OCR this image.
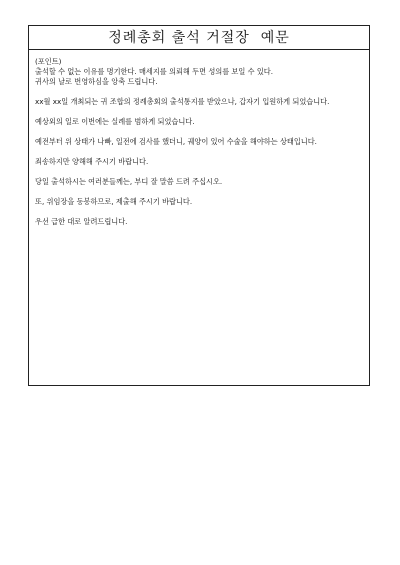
정례총회 출석 거절장  예문

(포인트)

출석할 수 없는 이유를 명기한다. 매세지를 의뢰해 두면 성의를 보일 수 있다.

귀사의 날로 번영하심을 앙축 드립니다.

xx월 xx일 개최되는 귀 조합의 정례총회의 출석통지를 받았으나, 갑자기 입원하게 되었습니다.

예상외의 일로 이번에는 실례를 범하게 되었습니다.

예전부터 위 상태가 나빠, 일전에 검사를 했더니, 궤양이 있어 수술을 해야하는 상태입니다.

죄송하지만 양해해 주시기 바랍니다.

당일 출석하시는 여러분들께는, 부디 잘 말씀 드려 주십시오.

또, 위임장을 동봉하므로, 제출해 주시기 바랍니다.

우선 급한 대로 알려드립니다.
